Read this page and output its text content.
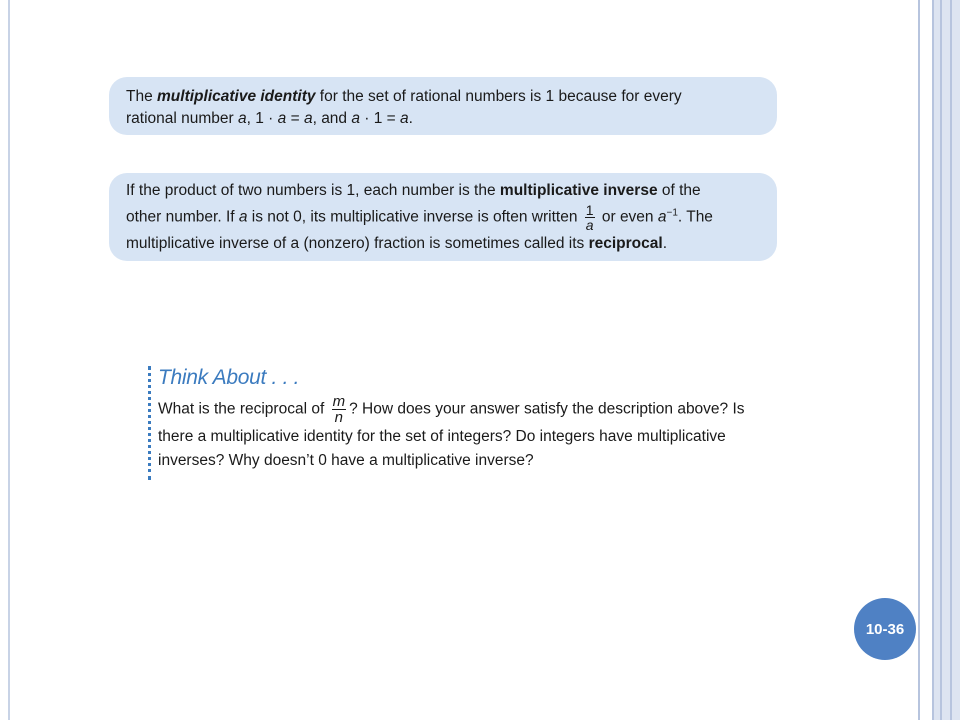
The multiplicative identity for the set of rational numbers is 1 because for every

rational number a, 1 · a = a, and a · 1 = a.

If the product of two numbers is 1, each number is the multiplicative inverse of the

other number. If a is not 0, its multiplicative inverse is often written $\frac{1}{a}$ or even $a^{-1}$. The

multiplicative inverse of a (nonzero) fraction is sometimes called its reciprocal.

Think About . . .

What is the reciprocal of $\frac{m}{n}$ ? How does your answer satisfy the description above? Is
there a multiplicative identity for the set of integers? Do integers have multiplicative
inverses? Why doesn’t 0 have a multiplicative inverse?

10-36
